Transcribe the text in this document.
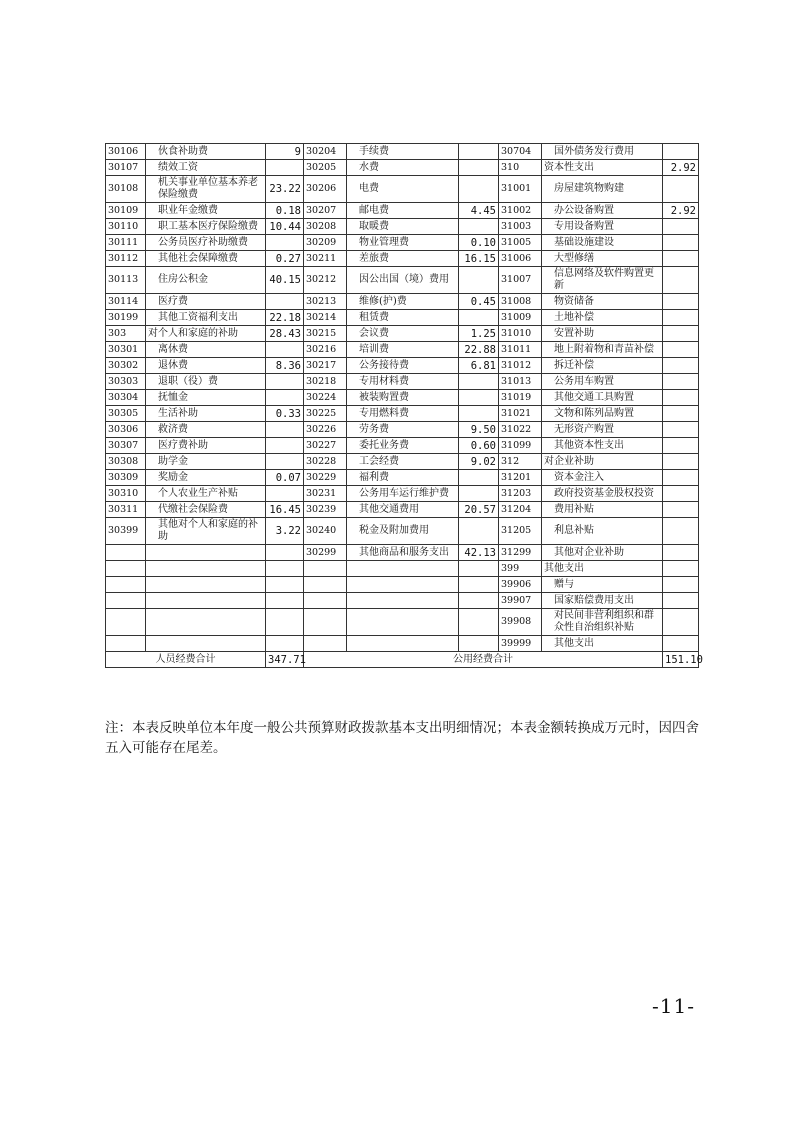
30106	伙食补助费	9	30204	手续费		30704	国外债务发行费用	
30107	绩效工资		30205	水费		310	资本性支出	2.92
30108	机关事业单位基本养老保险缴费	23.22	30206	电费		31001	房屋建筑物购建	
30109	职业年金缴费	0.18	30207	邮电费	4.45	31002	办公设备购置	2.92
30110	职工基本医疗保险缴费	10.44	30208	取暖费		31003	专用设备购置	
30111	公务员医疗补助缴费		30209	物业管理费	0.10	31005	基础设施建设	
30112	其他社会保障缴费	0.27	30211	差旅费	16.15	31006	大型修缮	
30113	住房公积金	40.15	30212	因公出国（境）费用		31007	信息网络及软件购置更新	
30114	医疗费		30213	维修(护)费	0.45	31008	物资储备	
30199	其他工资福利支出	22.18	30214	租赁费		31009	土地补偿	
303	对个人和家庭的补助	28.43	30215	会议费	1.25	31010	安置补助	
30301	离休费		30216	培训费	22.88	31011	地上附着物和青苗补偿	
30302	退休费	8.36	30217	公务接待费	6.81	31012	拆迁补偿	
30303	退职（役）费		30218	专用材料费		31013	公务用车购置	
30304	抚恤金		30224	被装购置费		31019	其他交通工具购置	
30305	生活补助	0.33	30225	专用燃料费		31021	文物和陈列品购置	
30306	救济费		30226	劳务费	9.50	31022	无形资产购置	
30307	医疗费补助		30227	委托业务费	0.60	31099	其他资本性支出	
30308	助学金		30228	工会经费	9.02	312	对企业补助	
30309	奖励金	0.07	30229	福利费		31201	资本金注入	
30310	个人农业生产补贴		30231	公务用车运行维护费		31203	政府投资基金股权投资	
30311	代缴社会保险费	16.45	30239	其他交通费用	20.57	31204	费用补贴	
30399	其他对个人和家庭的补助	3.22	30240	税金及附加费用		31205	利息补贴	
			30299	其他商品和服务支出	42.13	31299	其他对企业补助	
						399	其他支出	
						39906	赠与	
						39907	国家赔偿费用支出	
						39908	对民间非营利组织和群众性自治组织补贴	
						39999	其他支出	
人员经费合计		347.71	公用经费合计					151.10
注：本表反映单位本年度一般公共预算财政拨款基本支出明细情况；本表金额转换成万元时，因四舍五入可能存在尾差。
-11-
